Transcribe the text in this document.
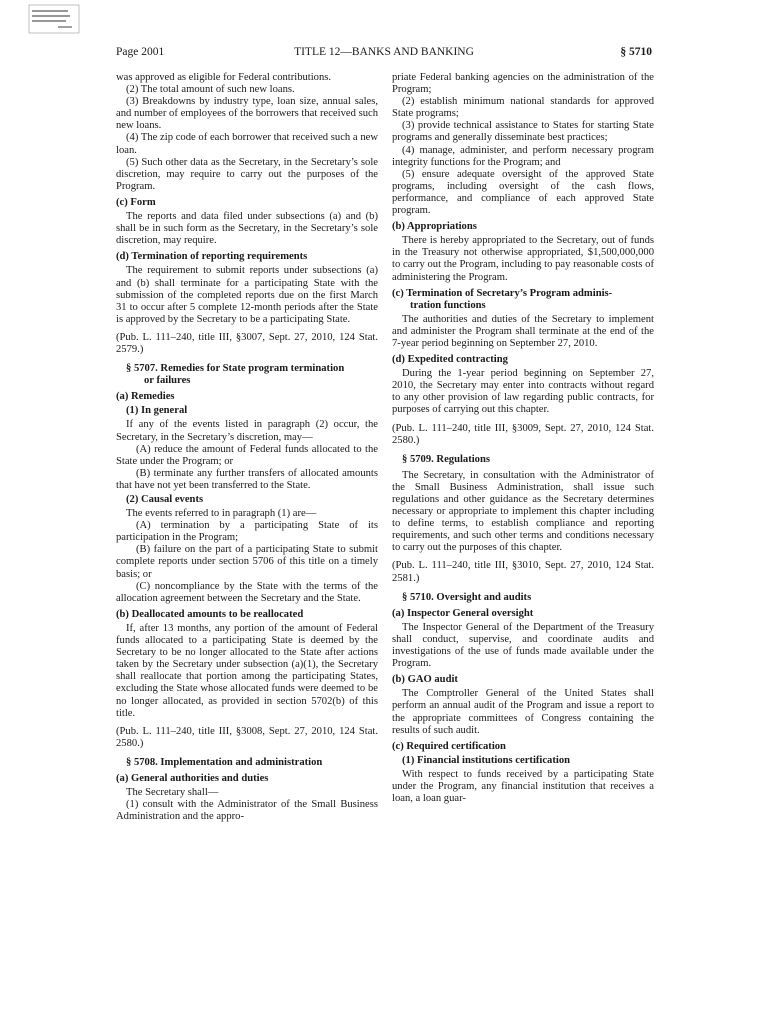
Page 2001	TITLE 12—BANKS AND BANKING	§ 5710

was approved as eligible for Federal contributions.

(2) The total amount of such new loans.

(3) Breakdowns by industry type, loan size, annual sales, and number of employees of the borrowers that received such new loans.

(4) The zip code of each borrower that received such a new loan.

(5) Such other data as the Secretary, in the Secretary’s sole discretion, may require to carry out the purposes of the Program.

(c) Form

The reports and data filed under subsections (a) and (b) shall be in such form as the Secretary, in the Secretary’s sole discretion, may require.

(d) Termination of reporting requirements

The requirement to submit reports under subsections (a) and (b) shall terminate for a participating State with the submission of the completed reports due on the first March 31 to occur after 5 complete 12-month periods after the State is approved by the Secretary to be a participating State.

(Pub. L. 111–240, title III, §3007, Sept. 27, 2010, 124 Stat. 2579.)

§ 5707. Remedies for State program termination
or failures
(a) Remedies
(1) In general

If any of the events listed in paragraph (2) occur, the Secretary, in the Secretary’s discretion, may—

(A) reduce the amount of Federal funds allocated to the State under the Program; or

(B) terminate any further transfers of allocated amounts that have not yet been transferred to the State.

(2) Causal events

The events referred to in paragraph (1) are—

(A) termination by a participating State of its participation in the Program;

(B) failure on the part of a participating State to submit complete reports under section 5706 of this title on a timely basis; or

(C) noncompliance by the State with the terms of the allocation agreement between the Secretary and the State.

(b) Deallocated amounts to be reallocated

If, after 13 months, any portion of the amount of Federal funds allocated to a participating State is deemed by the Secretary to be no longer allocated to the State after actions taken by the Secretary under subsection (a)(1), the Secretary shall reallocate that portion among the participating States, excluding the State whose allocated funds were deemed to be no longer allocated, as provided in section 5702(b) of this title.

(Pub. L. 111–240, title III, §3008, Sept. 27, 2010, 124 Stat. 2580.)

§ 5708. Implementation and administration
(a) General authorities and duties

The Secretary shall—

(1) consult with the Administrator of the Small Business Administration and the appro-

priate Federal banking agencies on the administration of the Program;

(2) establish minimum national standards for approved State programs;

(3) provide technical assistance to States for starting State programs and generally disseminate best practices;

(4) manage, administer, and perform necessary program integrity functions for the Program; and

(5) ensure adequate oversight of the approved State programs, including oversight of the cash flows, performance, and compliance of each approved State program.

(b) Appropriations

There is hereby appropriated to the Secretary, out of funds in the Treasury not otherwise appropriated, $1,500,000,000 to carry out the Program, including to pay reasonable costs of administering the Program.

(c) Termination of Secretary’s Program adminis-
tration functions

The authorities and duties of the Secretary to implement and administer the Program shall terminate at the end of the 7-year period beginning on September 27, 2010.

(d) Expedited contracting

During the 1-year period beginning on September 27, 2010, the Secretary may enter into contracts without regard to any other provision of law regarding public contracts, for purposes of carrying out this chapter.

(Pub. L. 111–240, title III, §3009, Sept. 27, 2010, 124 Stat. 2580.)

§ 5709. Regulations

The Secretary, in consultation with the Administrator of the Small Business Administration, shall issue such regulations and other guidance as the Secretary determines necessary or appropriate to implement this chapter including to define terms, to establish compliance and reporting requirements, and such other terms and conditions necessary to carry out the purposes of this chapter.

(Pub. L. 111–240, title III, §3010, Sept. 27, 2010, 124 Stat. 2581.)

§ 5710. Oversight and audits
(a) Inspector General oversight

The Inspector General of the Department of the Treasury shall conduct, supervise, and coordinate audits and investigations of the use of funds made available under the Program.

(b) GAO audit

The Comptroller General of the United States shall perform an annual audit of the Program and issue a report to the appropriate committees of Congress containing the results of such audit.

(c) Required certification
(1) Financial institutions certification

With respect to funds received by a participating State under the Program, any financial institution that receives a loan, a loan guar-
